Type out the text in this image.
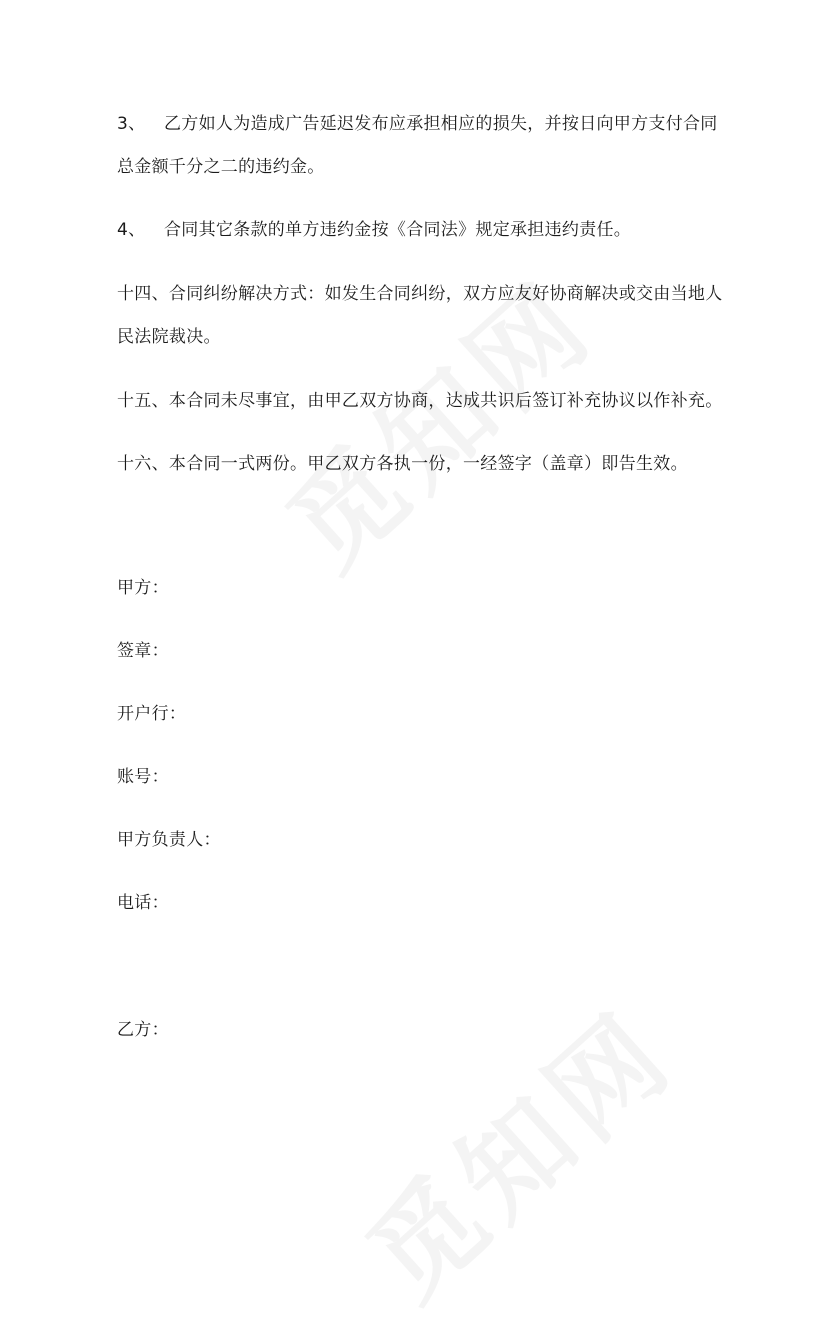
3、	乙方如人为造成广告延迟发布应承担相应的损失，并按日向甲方支付合同
总金额千分之二的违约金。
4、	合同其它条款的单方违约金按《合同法》规定承担违约责任。
十四、合同纠纷解决方式：如发生合同纠纷，双方应友好协商解决或交由当地人
民法院裁决。
十五、本合同未尽事宜，由甲乙双方协商，达成共识后签订补充协议以作补充。
十六、本合同一式两份。甲乙双方各执一份，一经签字（盖章）即告生效。
甲方：
签章：
开户行：
账号：
甲方负责人：
电话：
乙方：
